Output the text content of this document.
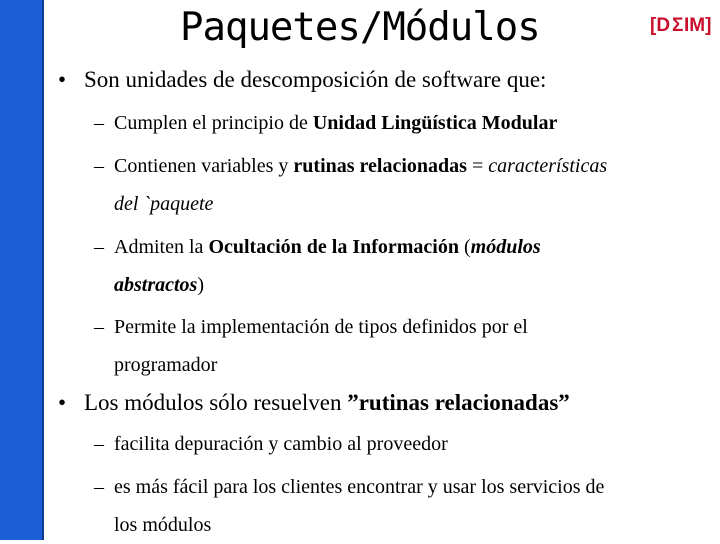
Paquetes/Módulos	[D Σ IM]
• Son unidades de descomposición de software que:
– Cumplen el principio de Unidad Lingüística Modular
– Contienen variables y rutinas relacionadas = características
del `paquete
– Admiten la Ocultación de la Información (módulos
abstractos)
– Permite la implementación de tipos definidos por el
programador
• Los módulos sólo resuelven ”rutinas relacionadas”
– facilita depuración y cambio al proveedor
– es más fácil para los clientes encontrar y usar los servicios de
los módulos
